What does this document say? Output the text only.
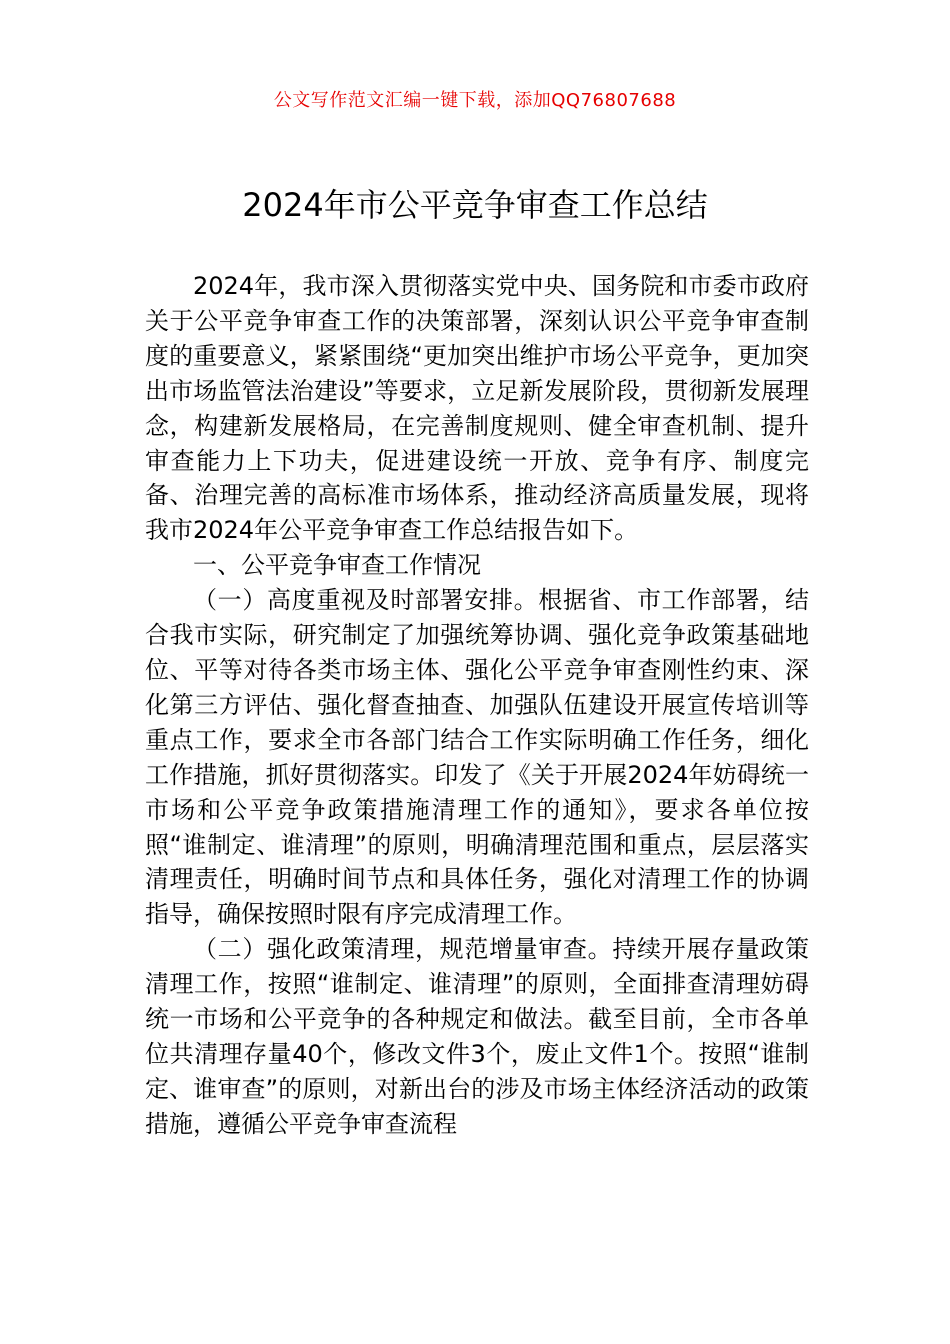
公文写作范文汇编一键下载，添加QQ76807688
2024年市公平竞争审查工作总结

2024年，我市深入贯彻落实党中央、国务院和市委市政府关于公平竞争审查工作的决策部署，深刻认识公平竞争审查制度的重要意义，紧紧围绕“更加突出维护市场公平竞争，更加突出市场监管法治建设”等要求，立足新发展阶段，贯彻新发展理念，构建新发展格局，在完善制度规则、健全审查机制、提升审查能力上下功夫，促进建设统一开放、竞争有序、制度完备、治理完善的高标准市场体系，推动经济高质量发展，现将我市2024年公平竞争审查工作总结报告如下。

一、公平竞争审查工作情况

（一）高度重视及时部署安排。根据省、市工作部署，结合我市实际，研究制定了加强统筹协调、强化竞争政策基础地位、平等对待各类市场主体、强化公平竞争审查刚性约束、深化第三方评估、强化督查抽查、加强队伍建设开展宣传培训等重点工作，要求全市各部门结合工作实际明确工作任务，细化工作措施，抓好贯彻落实。印发了《关于开展2024年妨碍统一市场和公平竞争政策措施清理工作的通知》，要求各单位按照“谁制定、谁清理”的原则，明确清理范围和重点，层层落实清理责任，明确时间节点和具体任务，强化对清理工作的协调指导，确保按照时限有序完成清理工作。

（二）强化政策清理，规范增量审查。持续开展存量政策清理工作，按照“谁制定、谁清理”的原则，全面排查清理妨碍统一市场和公平竞争的各种规定和做法。截至目前，全市各单位共清理存量40个，修改文件3个，废止文件1个。按照“谁制定、谁审查”的原则，对新出台的涉及市场主体经济活动的政策措施，遵循公平竞争审查流程
